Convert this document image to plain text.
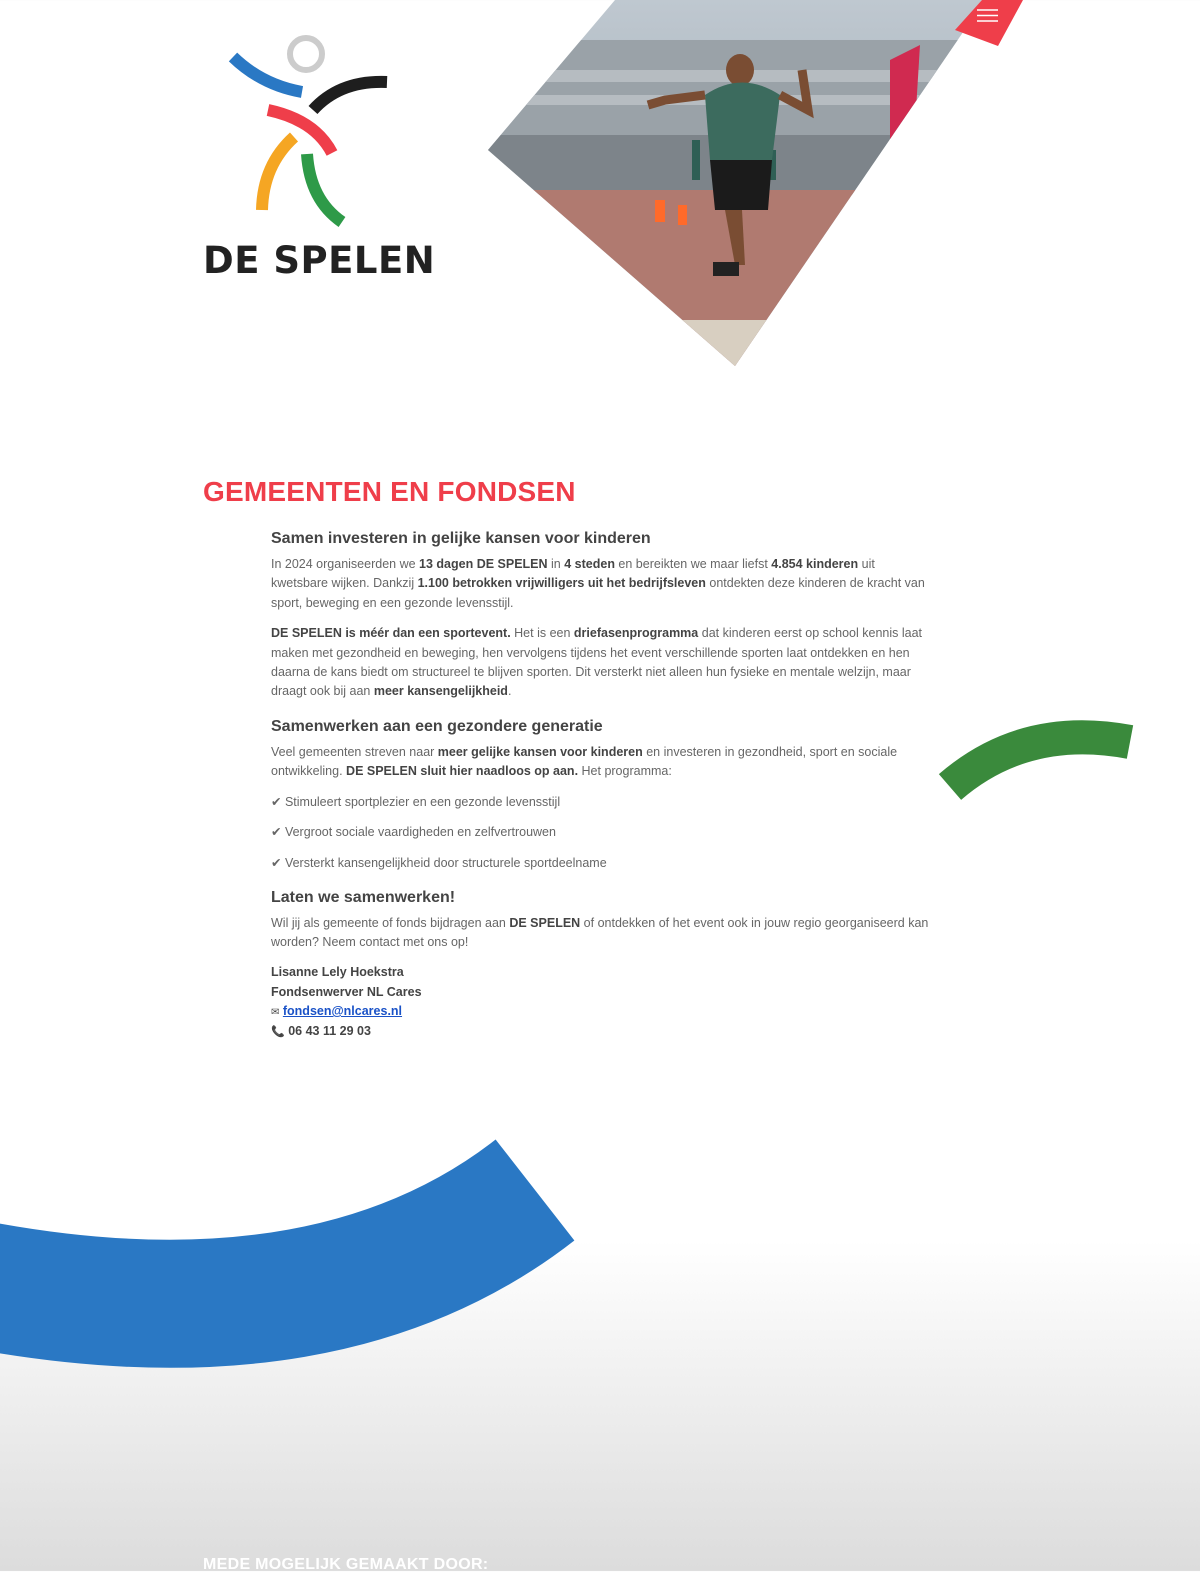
DE SPELEN
GEMEENTEN EN FONDSEN
Samen investeren in gelijke kansen voor kinderen

In 2024 organiseerden we 13 dagen DE SPELEN in 4 steden en bereikten we maar liefst 4.854 kinderen uit kwetsbare wijken. Dankzij 1.100 betrokken vrijwilligers uit het bedrijfsleven ontdekten deze kinderen de kracht van sport, beweging en een gezonde levensstijl.

DE SPELEN is méér dan een sportevent. Het is een driefasenprogramma dat kinderen eerst op school kennis laat maken met gezondheid en beweging, hen vervolgens tijdens het event verschillende sporten laat ontdekken en hen daarna de kans biedt om structureel te blijven sporten. Dit versterkt niet alleen hun fysieke en mentale welzijn, maar draagt ook bij aan meer kansengelijkheid.

Samenwerken aan een gezondere generatie

Veel gemeenten streven naar meer gelijke kansen voor kinderen en investeren in gezondheid, sport en sociale ontwikkeling. DE SPELEN sluit hier naadloos op aan. Het programma:

✔ Stimuleert sportplezier en een gezonde levensstijl
✔ Vergroot sociale vaardigheden en zelfvertrouwen
✔ Versterkt kansengelijkheid door structurele sportdeelname
Laten we samenwerken!

Wil jij als gemeente of fonds bijdragen aan DE SPELEN of ontdekken of het event ook in jouw regio georganiseerd kan worden? Neem contact met ons op!

Lisanne Lely Hoekstra
Fondsenwerver NL Cares
✉ fondsen@nlcares.nl
📞 06 43 11 29 03
MEDE MOGELIJK GEMAAKT DOOR:
